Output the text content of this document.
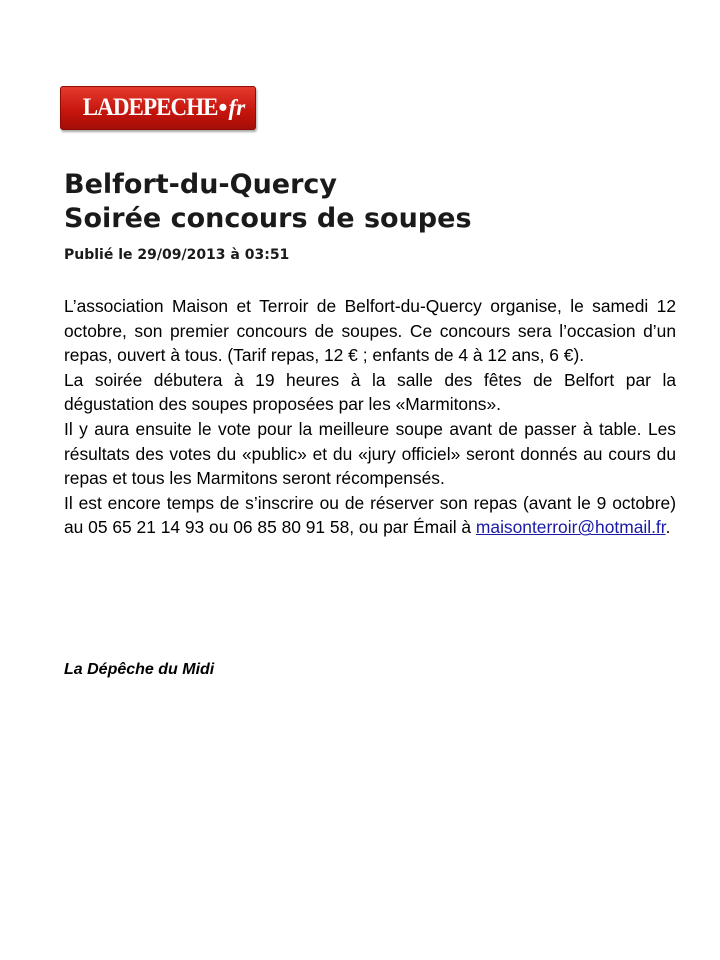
LADEPECHE • fr
Belfort-du-Quercy
Soirée concours de soupes
Publié le 29/09/2013 à 03:51

L’association Maison et Terroir de Belfort-du-Quercy organise, le samedi 12 octobre, son premier concours de soupes. Ce concours sera l’occasion d’un repas, ouvert à tous. (Tarif repas, 12 € ; enfants de 4 à 12 ans, 6 €).

La soirée débutera à 19 heures à la salle des fêtes de Belfort par la dégustation des soupes proposées par les «Marmitons».

Il y aura ensuite le vote pour la meilleure soupe avant de passer à table. Les résultats des votes du «public» et du «jury officiel» seront donnés au cours du repas et tous les Marmitons seront récompensés.

Il est encore temps de s’inscrire ou de réserver son repas (avant le 9 octobre) au 05 65 21 14 93 ou 06 85 80 91 58, ou par Émail à maisonterroir@hotmail.fr.

La Dépêche du Midi
